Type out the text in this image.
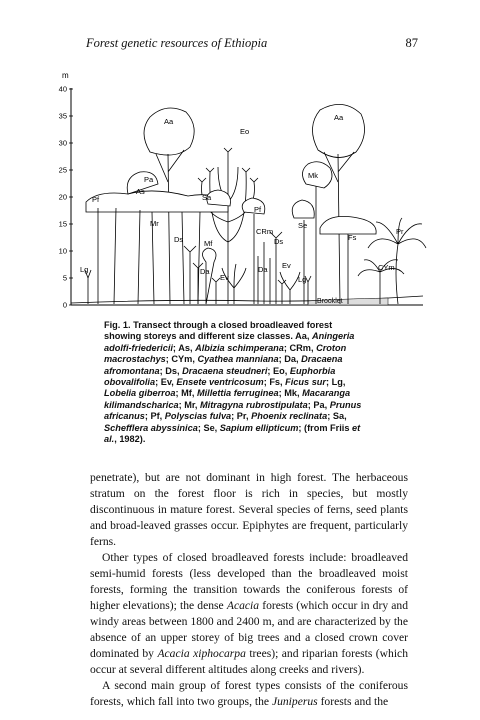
Forest genetic resources of Ethiopia	87
m
0
5
10
15
20
25
30
35
40
Brooklet
Aa	Aa
Eo
Pa
As
Pf
Mr
Sa
Pf
Mk
Se
Fs
Pr
CRm
Ds
Ds	Mf
Lg	Da
Ev
Da Ev
Lg
CYm
Fig. 1. Transect through a closed broadleaved forest showing storeys and different size classes. Aa, Aningeria adolfi-friedericii; As, Albizia schimperana; CRm, Croton macrostachys; CYm, Cyathea manniana; Da, Dracaena afromontana; Ds, Dracaena steudneri; Eo, Euphorbia obovalifolia; Ev, Ensete ventricosum; Fs, Ficus sur; Lg, Lobelia giberroa; Mf, Millettia ferruginea; Mk, Macaranga kilimandscharica; Mr, Mitragyna rubrostipulata; Pa, Prunus africanus; Pf, Polyscias fulva; Pr, Phoenix reclinata; Sa, Schefflera abyssinica; Se, Sapium ellipticum; (from Friis et al., 1982).

penetrate), but are not dominant in high forest. The herbaceous stratum on the forest floor is rich in species, but mostly discontinuous in mature forest. Several species of ferns, seed plants and broad-leaved grasses occur. Epiphytes are frequent, particularly ferns.

Other types of closed broadleaved forests include: broadleaved semi-humid forests (less developed than the broadleaved moist forests, forming the transition towards the coniferous forests of higher elevations); the dense Acacia forests (which occur in dry and windy areas between 1800 and 2400 m, and are characterized by the absence of an upper storey of big trees and a closed crown cover dominated by Acacia xiphocarpa trees); and riparian forests (which occur at several different altitudes along creeks and rivers).

A second main group of forest types consists of the coniferous forests, which fall into two groups, the Juniperus forests and the
